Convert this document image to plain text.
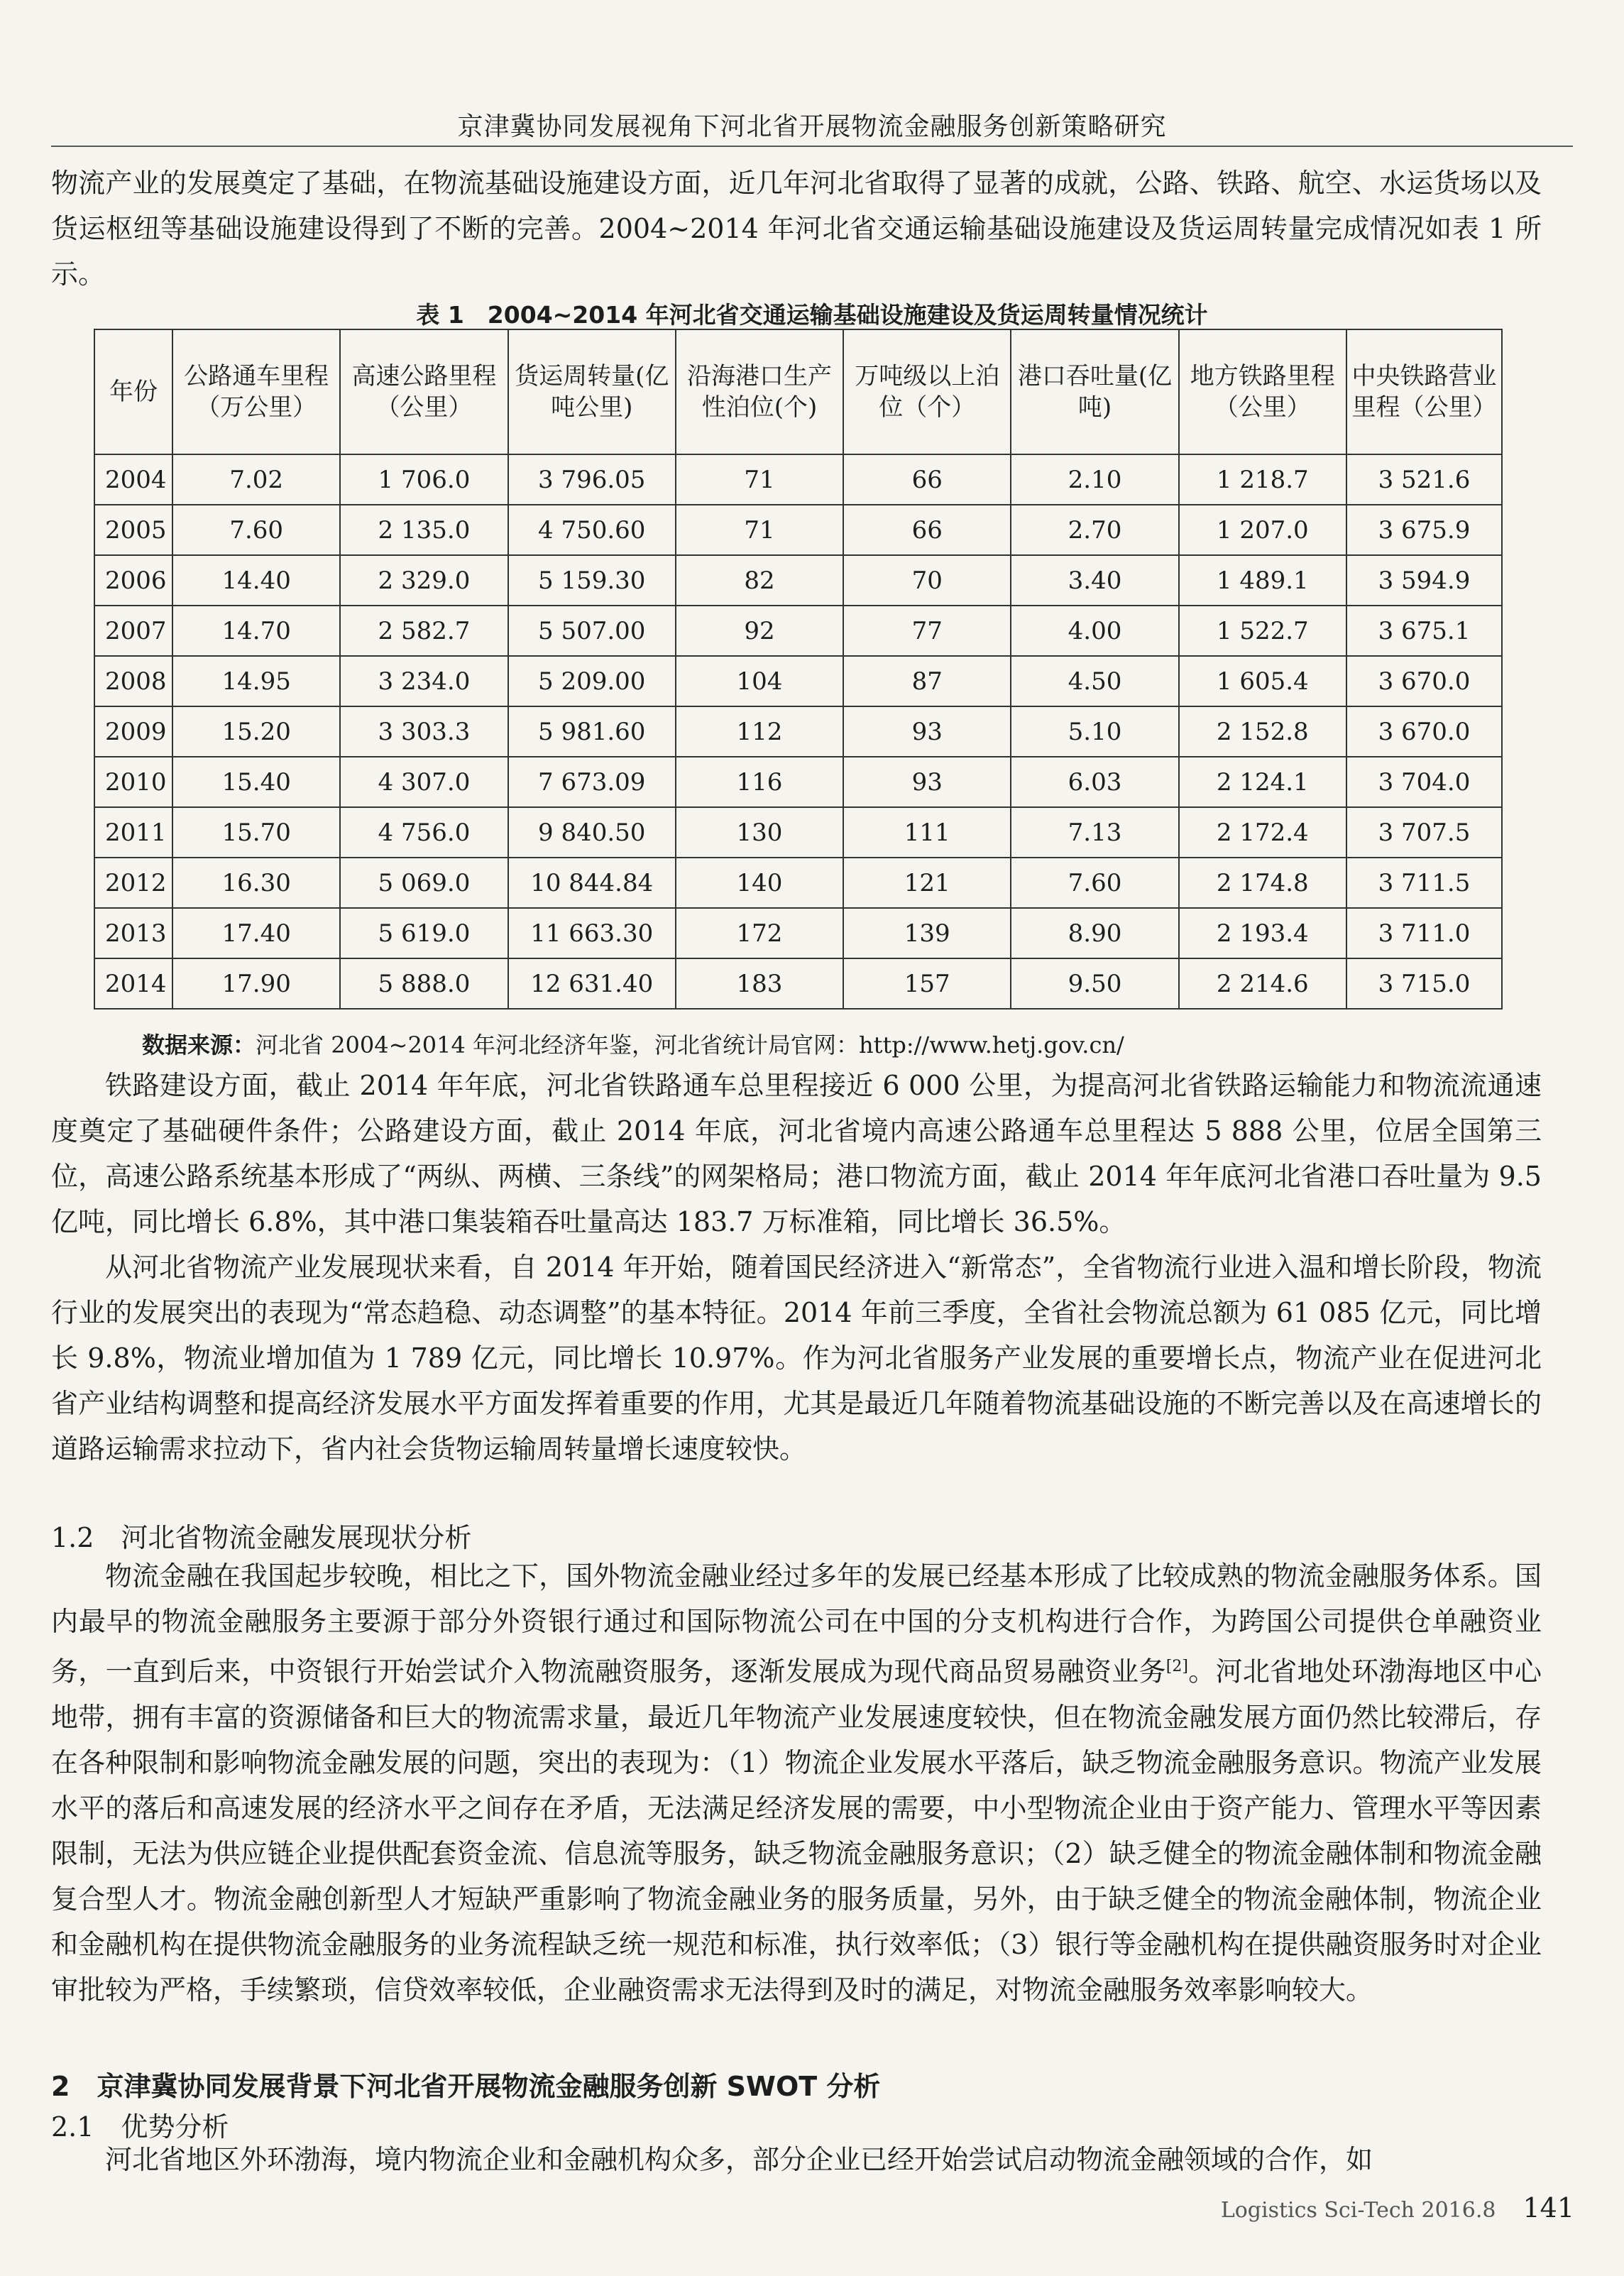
京津冀协同发展视角下河北省开展物流金融服务创新策略研究

物流产业的发展奠定了基础，在物流基础设施建设方面，近几年河北省取得了显著的成就，公路、铁路、航空、水运货场以及货运枢纽等基础设施建设得到了不断的完善。2004~2014 年河北省交通运输基础设施建设及货运周转量完成情况如表 1 所示。

表 1　2004~2014 年河北省交通运输基础设施建设及货运周转量情况统计
年份	公路通车里程（万公里）	高速公路里程（公里）	货运周转量(亿吨公里)	沿海港口生产性泊位(个)	万吨级以上泊位（个）	港口吞吐量(亿吨)	地方铁路里程（公里）	中央铁路营业里程（公里）
2004	7.02	1 706.0	3 796.05	71	66	2.10	1 218.7	3 521.6
2005	7.60	2 135.0	4 750.60	71	66	2.70	1 207.0	3 675.9
2006	14.40	2 329.0	5 159.30	82	70	3.40	1 489.1	3 594.9
2007	14.70	2 582.7	5 507.00	92	77	4.00	1 522.7	3 675.1
2008	14.95	3 234.0	5 209.00	104	87	4.50	1 605.4	3 670.0
2009	15.20	3 303.3	5 981.60	112	93	5.10	2 152.8	3 670.0
2010	15.40	4 307.0	7 673.09	116	93	6.03	2 124.1	3 704.0
2011	15.70	4 756.0	9 840.50	130	111	7.13	2 172.4	3 707.5
2012	16.30	5 069.0	10 844.84	140	121	7.60	2 174.8	3 711.5
2013	17.40	5 619.0	11 663.30	172	139	8.90	2 193.4	3 711.0
2014	17.90	5 888.0	12 631.40	183	157	9.50	2 214.6	3 715.0
数据来源：河北省 2004~2014 年河北经济年鉴，河北省统计局官网：http://www.hetj.gov.cn/

铁路建设方面，截止 2014 年年底，河北省铁路通车总里程接近 6 000 公里，为提高河北省铁路运输能力和物流流通速度奠定了基础硬件条件；公路建设方面，截止 2014 年底，河北省境内高速公路通车总里程达 5 888 公里，位居全国第三位，高速公路系统基本形成了“两纵、两横、三条线”的网架格局；港口物流方面，截止 2014 年年底河北省港口吞吐量为 9.5 亿吨，同比增长 6.8%，其中港口集装箱吞吐量高达 183.7 万标准箱，同比增长 36.5%。

从河北省物流产业发展现状来看，自 2014 年开始，随着国民经济进入“新常态”，全省物流行业进入温和增长阶段，物流行业的发展突出的表现为“常态趋稳、动态调整”的基本特征。2014 年前三季度，全省社会物流总额为 61 085 亿元，同比增长 9.8%，物流业增加值为 1 789 亿元，同比增长 10.97%。作为河北省服务产业发展的重要增长点，物流产业在促进河北省产业结构调整和提高经济发展水平方面发挥着重要的作用，尤其是最近几年随着物流基础设施的不断完善以及在高速增长的道路运输需求拉动下，省内社会货物运输周转量增长速度较快。

1.2　河北省物流金融发展现状分析

物流金融在我国起步较晚，相比之下，国外物流金融业经过多年的发展已经基本形成了比较成熟的物流金融服务体系。国内最早的物流金融服务主要源于部分外资银行通过和国际物流公司在中国的分支机构进行合作，为跨国公司提供仓单融资业务，一直到后来，中资银行开始尝试介入物流融资服务，逐渐发展成为现代商品贸易融资业务[2]。河北省地处环渤海地区中心地带，拥有丰富的资源储备和巨大的物流需求量，最近几年物流产业发展速度较快，但在物流金融发展方面仍然比较滞后，存在各种限制和影响物流金融发展的问题，突出的表现为：（1）物流企业发展水平落后，缺乏物流金融服务意识。物流产业发展水平的落后和高速发展的经济水平之间存在矛盾，无法满足经济发展的需要，中小型物流企业由于资产能力、管理水平等因素限制，无法为供应链企业提供配套资金流、信息流等服务，缺乏物流金融服务意识；（2）缺乏健全的物流金融体制和物流金融复合型人才。物流金融创新型人才短缺严重影响了物流金融业务的服务质量，另外，由于缺乏健全的物流金融体制，物流企业和金融机构在提供物流金融服务的业务流程缺乏统一规范和标准，执行效率低；（3）银行等金融机构在提供融资服务时对企业审批较为严格，手续繁琐，信贷效率较低，企业融资需求无法得到及时的满足，对物流金融服务效率影响较大。

2　京津冀协同发展背景下河北省开展物流金融服务创新 SWOT 分析
2.1　优势分析

河北省地区外环渤海，境内物流企业和金融机构众多，部分企业已经开始尝试启动物流金融领域的合作，如

Logistics Sci-Tech 2016.8 141
